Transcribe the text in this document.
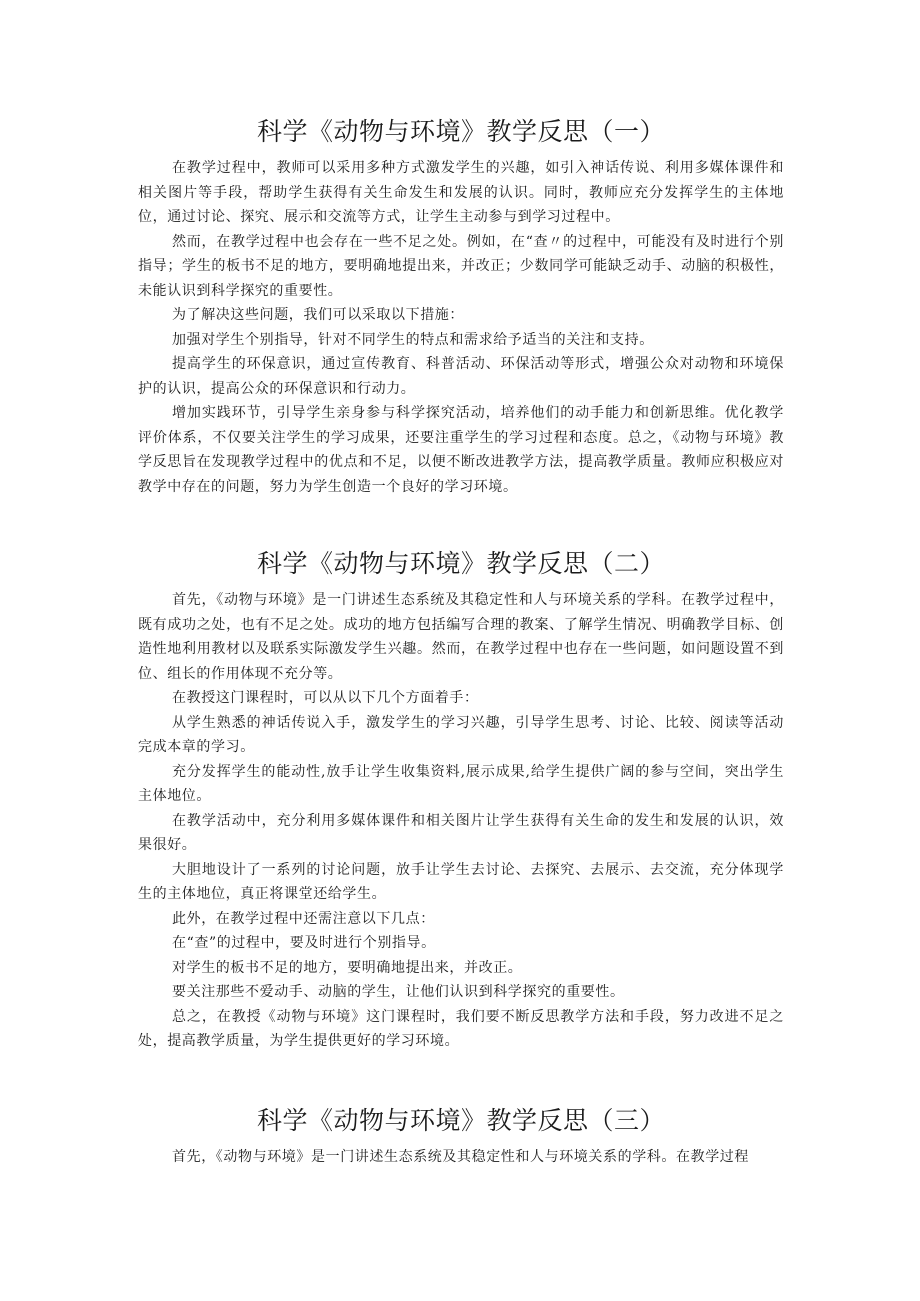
科学《动物与环境》教学反思（一）

在教学过程中，教师可以采用多种方式激发学生的兴趣，如引入神话传说、利用多媒体课件和相关图片等手段，帮助学生获得有关生命发生和发展的认识。同时，教师应充分发挥学生的主体地位，通过讨论、探究、展示和交流等方式，让学生主动参与到学习过程中。

然而，在教学过程中也会存在一些不足之处。例如，在“查〃的过程中，可能没有及时进行个别指导；学生的板书不足的地方，要明确地提出来，并改正；少数同学可能缺乏动手、动脑的积极性，未能认识到科学探究的重要性。

为了解决这些问题，我们可以采取以下措施：

加强对学生个别指导，针对不同学生的特点和需求给予适当的关注和支持。

提高学生的环保意识，通过宣传教育、科普活动、环保活动等形式，增强公众对动物和环境保护的认识，提高公众的环保意识和行动力。

增加实践环节，引导学生亲身参与科学探究活动，培养他们的动手能力和创新思维。优化教学评价体系，不仅要关注学生的学习成果，还要注重学生的学习过程和态度。总之，《动物与环境》教学反思旨在发现教学过程中的优点和不足，以便不断改进教学方法，提高教学质量。教师应积极应对教学中存在的问题，努力为学生创造一个良好的学习环境。

科学《动物与环境》教学反思（二）

首先，《动物与环境》是一门讲述生态系统及其稳定性和人与环境关系的学科。在教学过程中，既有成功之处，也有不足之处。成功的地方包括编写合理的教案、了解学生情况、明确教学目标、创造性地利用教材以及联系实际激发学生兴趣。然而，在教学过程中也存在一些问题，如问题设置不到位、组长的作用体现不充分等。

在教授这门课程时，可以从以下几个方面着手：

从学生熟悉的神话传说入手，激发学生的学习兴趣，引导学生思考、讨论、比较、阅读等活动完成本章的学习。

充分发挥学生的能动性,放手让学生收集资料,展示成果,给学生提供广阔的参与空间，突出学生主体地位。

在教学活动中，充分利用多媒体课件和相关图片让学生获得有关生命的发生和发展的认识，效果很好。

大胆地设计了一系列的讨论问题，放手让学生去讨论、去探究、去展示、去交流，充分体现学生的主体地位，真正将课堂还给学生。

此外，在教学过程中还需注意以下几点：

在“查”的过程中，要及时进行个别指导。

对学生的板书不足的地方，要明确地提出来，并改正。

要关注那些不爱动手、动脑的学生，让他们认识到科学探究的重要性。

总之，在教授《动物与环境》这门课程时，我们要不断反思教学方法和手段，努力改进不足之处，提高教学质量，为学生提供更好的学习环境。

科学《动物与环境》教学反思（三）

首先，《动物与环境》是一门讲述生态系统及其稳定性和人与环境关系的学科。在教学过程
